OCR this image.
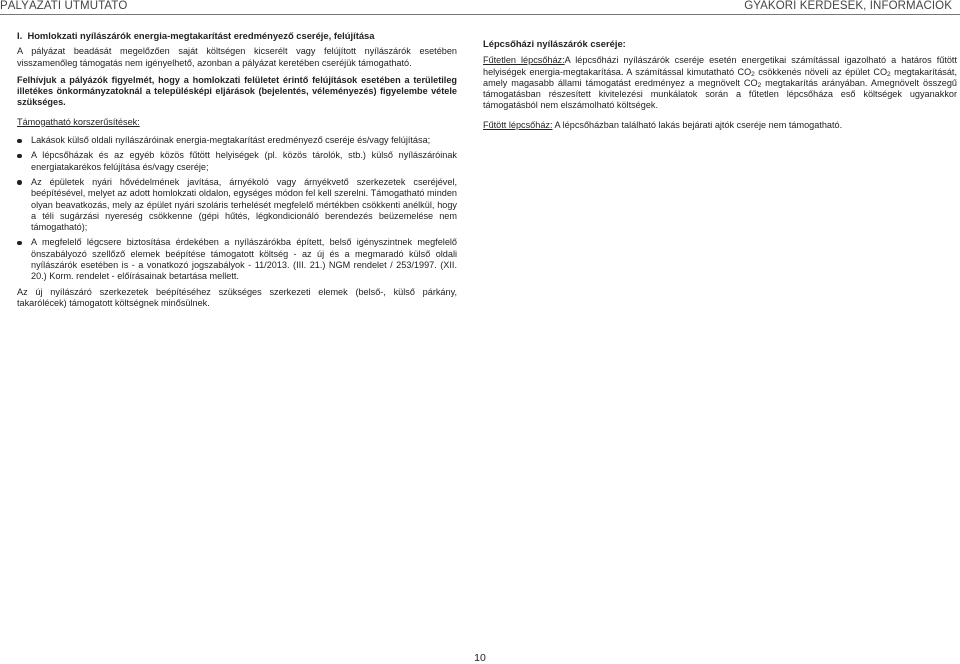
PÁLYÁZATI ÚTMUTATÓ	GYAKORI KÉRDÉSEK, INFORMÁCIÓK
I. Homlokzati nyílászárók energia-megtakarítást eredményező cseréje, felújítása

A pályázat beadását megelőzően saját költségen kicserélt vagy felújított nyílászárók esetében visszamenőleg támogatás nem igényelhető, azonban a pályázat keretében cseréjük támogatható.

Felhívjuk a pályázók figyelmét, hogy a homlokzati felületet érintő felújítások esetében a területileg illetékes önkormányzatoknál a településképi eljárások (bejelentés, véleményezés) figyelembe vétele szükséges.

Támogatható korszerűsítések:

Lakások külső oldali nyílászáróinak energia-megtakarítást eredményező cseréje és/vagy felújítása;
A lépcsőházak és az egyéb közös fűtött helyiségek (pl. közös tárolók, stb.) külső nyílászáróinak energiatakarékos felújítása és/vagy cseréje;
Az épületek nyári hővédelmének javítása, árnyékoló vagy árnyékvető szerkezetek cseréjével, beépítésével, melyet az adott homlokzati oldalon, egységes módon fel kell szerelni. Támogatható minden olyan beavatkozás, mely az épület nyári szoláris terhelését megfelelő mértékben csökkenti anélkül, hogy a téli sugárzási nyereség csökkenne (gépi hűtés, légkondicionáló berendezés beüzemelése nem támogatható);
A megfelelő légcsere biztosítása érdekében a nyílászárókba épített, belső igényszintnek megfelelő önszabályozó szellőző elemek beépítése támogatott költség - az új és a megmaradó külső oldali nyílászárók esetében is - a vonatkozó jogszabályok - 11/2013. (III. 21.) NGM rendelet / 253/1997. (XII. 20.) Korm. rendelet - előírásainak betartása mellett.

Az új nyílászáró szerkezetek beépítéséhez szükséges szerkezeti elemek (belső-, külső párkány, takarólécek) támogatott költségnek minősülnek.

Lépcsőházi nyílászárók cseréje:

Fűtetlen lépcsőház:A lépcsőházi nyílászárók cseréje esetén energetikai számítással igazolható a határos fűtött helyiségek energia-megtakarítása. A számítással kimutatható $CO_2$ csökkenés növeli az épület $CO_2$ megtakarítását, amely magasabb állami támogatást eredményez a megnövelt $CO_2$ megtakarítás arányában. Amegnövelt összegű támogatásban részesített kivitelezési munkálatok során a fűtetlen lépcsőháza eső költségek ugyanakkor támogatásból nem elszámolható költségek.

Fűtött lépcsőház: A lépcsőházban található lakás bejárati ajtók cseréje nem támogatható.

10
